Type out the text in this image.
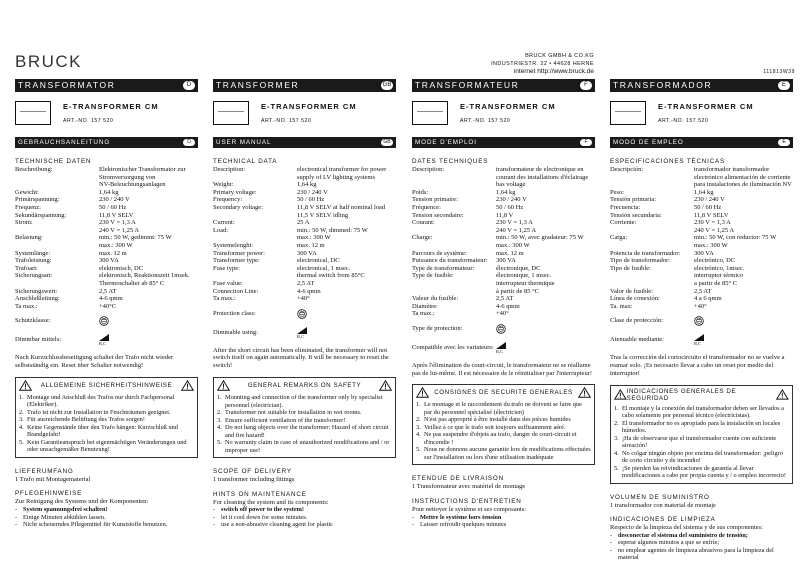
BRUCK	BRUCK GMBH & CO.KG
INDUSTRIESTR. 22 • 44628 HERNE
internet http://www.bruck.de	111813W39
TRANSFORMATOR	D
E-TRANSFORMER CM
ART.-NO. 157 520
GEBRAUCHSANLEITUNG	D
TECHNISCHE DATEN
Beschreibung:	Elektronischer Transformator zur
Stromversorgung von
NV-Beleuchtungsanlagen
Gewicht:	1,64 kg
Primärspannung:	230 / 240 V
Frequenz:	50 / 60 Hz
Sekundärspannung:	11,8 V SELV
Strom:	230 V = 1,3 A
240 V = 1,25 A
Belastung:	min.: 50 W, gedimmt: 75 W
max.: 300 W
Systemlänge:	max. 12 m
Trafoleistung:	300 VA
Trafoart:	elektronisch, DC
Sicherungsart:	elektronisch, Reaktionszeit 1msek.
Thermoschalter ab 85° C
Sicherungswert:	2,5 AT
Anschlußleitung:	4-6 qmm
Ta max.:	+40°C
Schutzklasse:
Dimmbar mittels:
R,C
Nach Kurzschlussbeseitigung schaltet der Trafo nicht wieder selbstständig ein. Reset über Schalter notwendig!
ALLGEMEINE SICHERHEITSHINWEISE
1. Montage und Anschluß des Trafos nur durch Fachpersonal (Elektriker).
2. Trafo ist nicht zur Installation in Feuchträumen geeignet.
3. Für ausreichende Belüftung des Trafos sorgen!
4. Keine Gegenstände über den Trafo hängen: Kurzschluß und Brandgefahr!
5. Kein Garantieanspruch bei eigenmächtigen Veränderungen und oder unsachgemäßer Benutzung!
LIEFERUMFANG
1 Trafo mit Montagematerial
PFLEGEHINWEISE
Zur Reinigung des Systems und der Komponenten:
- System spannungsfrei schalten!
- Einige Minuten abkühlen lassen.
- Nicht scheuerndes Pflegemittel für Kunststoffe benutzen.
TRANSFORMER	GB
E-TRANSFORMER CM
ART.-NO. 157 520
USER MANUAL	GB
TECHNICAL DATA
Description:	electronical transformer for power
supply of LV lighting systems
Weight:	1,64 kg
Primary voltage:	230 / 240 V
Frequency:	50 / 60 Hz
Secondary voltage:	11,8 V SELV at half nominal load
11,5 V SELV idling
Current:	25 A
Load:	min.: 50 W, dimmed: 75 W
max.: 300 W
Systemelenght:	max. 12 m
Transformer power:	300 VA
Transformer type:	electronical, DC
Fuse type:	electronical, 1 msec.
thermal switch from 85°C
Fuse value:	2,5 AT
Connection Line:	4-6 qmm
Ta max.:	+40°
Protection class:
Dimmable using:
R,C
After the short circuit has been eliminated, the transformer will not switch itself on again automatically. It will be necessary to reset the switch!
GENERAL REMARKS ON SAFETY
1. Mounting and connection of the transformer only by specialist personnel (electrician).
2. Transformer not suitable for installation in wet rooms.
3. Ensure sufficient ventilation of the transformer!
4. Do not hang objects over the transformer: Hazard of short circuit and fire hazard!
5. No warranty claim in case of unauthorized modifications and / or improper use!
SCOPE OF DELIVERY
1 transformer including fittings
HINTS ON MAINTENANCE
For cleaning the system and its components:
- switch off power to the system!
- let it cool down for some minutes.
- use a non-abrasive cleaning agent for plastic
TRANSFORMATEUR	F
E-TRANSFORMER CM
ART.-NO. 157 520
MODE D'EMPLOI	F
DATES TECHNIQUES
Description:	transformateur de electronique en
courant des installations d'éclairage
bas voltage
Poids:	1,64 kg
Tension primaire:	230 / 240 V
Fréquence:	50 / 60 Hz
Tension secondaire:	11,8 V
Courant:	230 V = 1,3 A
240 V = 1,25 A
Charge:	min.: 50 W, avec gradateur: 75 W
max.: 300 W
Parcours de système:	max. 12 m
Puissance du transformateur:	300 VA
Type de transformateur:	électronique, DC
Type de fusible:	électronique, 1 msec.
interrupteur thermique
à partir de 85 °C
Valeur du fusible:	2,5 AT
Diamètre:	4-6 qmm
Ta max.:	+40°
Type de protection:
Compatible avec les variateurs:
R,C
Après l'élimination du court-circuit, le transformateur ne se réallume pas de lui-même. Il est nécessaire de le réinitialiser par l'interrupteur!
CONSIGNES DE SECURITE GENERALES
1. Le montage et le raccordement du trafo ne doivent se faire que par du personnel spécialisé (électricien)
2. N'est pas approprié à être installé dans des pièces humides
3. Veillez à ce que le trafo soit toujours suffisamment aéré.
4. Ne pas suspendre d'objets au trafo, danger de court-circuit et d'incendie !
5. Nous ne donnons aucune garantie lors de modifications effectuées sur l'installation ou lors d'une utilisation inadéquate
ETENDUE DE LIVRAISON
1 Transformateur avec matériel de montage
INSTRUCTIONS D'ENTRETIEN
Pour nettoyer le système et ses composants:
- Mettre le système hors tension
- Laisser refroidir quelques minutes
TRANSFORMADOR	E
E-TRANSFORMER CM
ART.-NO. 157 520
MODO DE EMPLEO	E
ESPECIFICACIONES TÉCNICAS
Descripción:	transformador transformador
electrónico alimentación de corriente
para instalaciones de iluminación NV
Peso:	1,64 kg
Tensión primaria:	230 / 240 V
Frecuencia:	50 / 60 Hz
Tensión secundaria:	11,8 V SELV
Corriente:	230 V = 1,3 A
240 V = 1,25 A
Carga:	min.: 50 W, con reductor: 75 W
max.: 300 W
Potencia de transformador:	300 VA
Tipo de transformador:	electrónico, DC
Tipo de fusible:	electrónico, 1msec.
interruptor térmico
a partir de 85° C
Valor de fusible:	2,5 AT
Línea de conexión:	4 a 6 qmm
Ta. max:	+40°
Clase de protección:
Atenuable mediante:
R,C
Tras la corrección del cortocircuito el transformador no se vuelve a reamar solo. ¡Es necesario llevar a cabo un reset por medio del interruptor!
INDICACIONES GENERALES DE SEGURIDAD
1. El montaje y la conexión del transformador deben ser llevados a cabo solamente por personal técnico (electricistas).
2. El transformador no es apropiado para la instalación en locales húmedos.
3. ¡Ha de observarse que el transformador cuente con suficiente aireación!
4. No colgar ningún objeto por encima del transformador: ¡peligro de corto circuito y de incendio!
5. ¡Se pierden las reivindicaciones de garantía al llevar modificaciones a cabo por propia cuenta y / o empleo incorrecto!
VOLUMEN DE SUMINISTRO
1 transformador con material de montaje
INDICACIONES DE LIMPIEZA
Respecto de la limpieza del sistema y de sus componentes:
- desconectar el sistema del suministro de tensión;
- esperar algunos minutos a que se enfríe;
- no emplear agentes de limpieza abrasivos para la limpieza del material
